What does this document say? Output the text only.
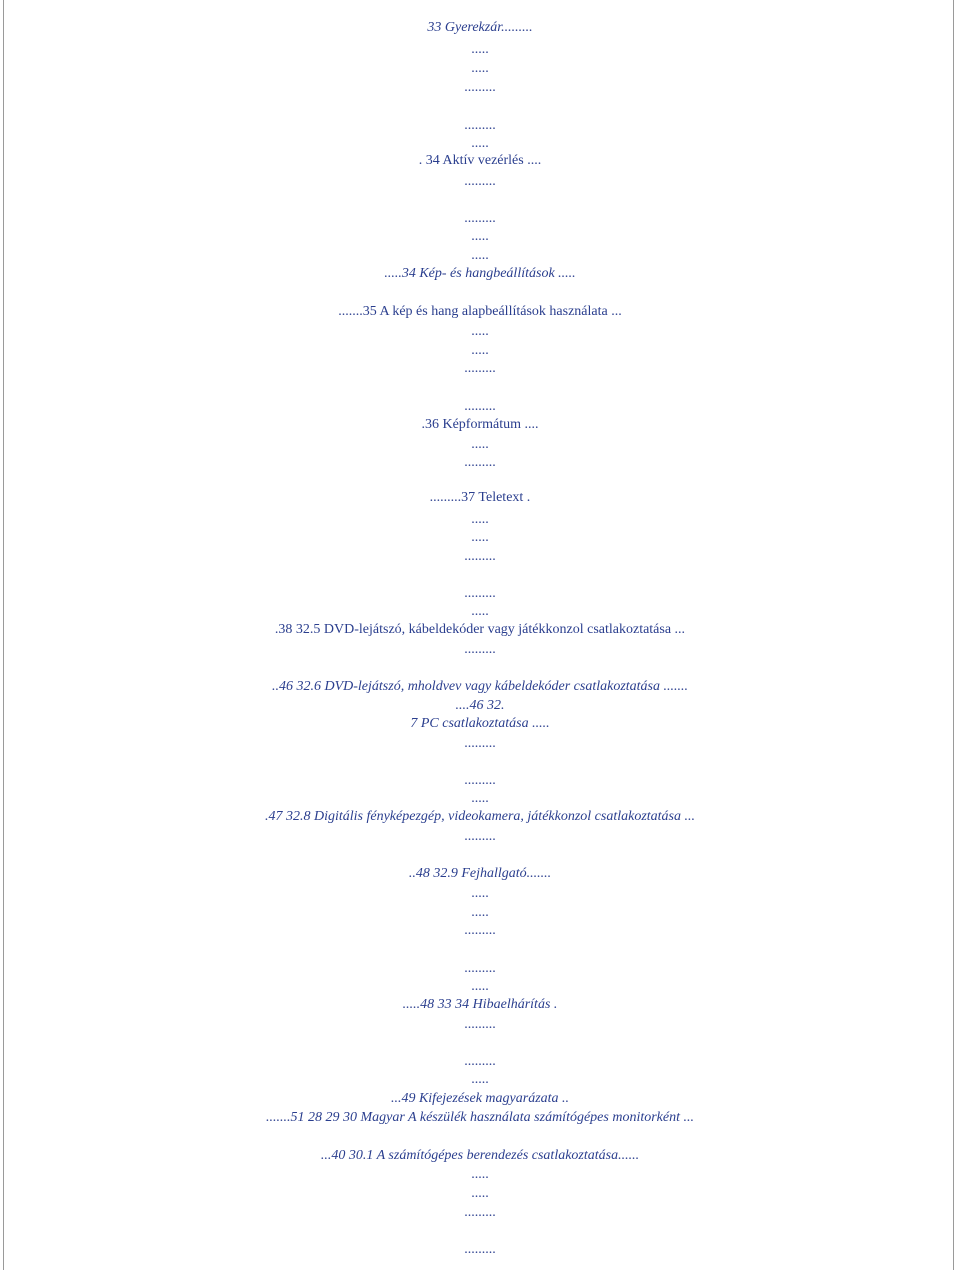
33 Gyerekzár.........
.....
.....
.........
.........
.....
. 34 Aktív vezérlés ....
.........
.........
.....
.....
.....34 Kép- és hangbeállítások .....
.......35 A kép és hang alapbeállítások használata ...
.....
.....
.........
.........
.36 Képformátum ....
.....
.........
.........37 Teletext .
.....
.....
.........
.........
.....
.38 32.5 DVD-lejátszó, kábeldekóder vagy játékkonzol csatlakoztatása ...
.........
..46 32.6 DVD-lejátszó, mholdvev vagy kábeldekóder csatlakoztatása .......
....46 32.
7 PC csatlakoztatása .....
.........
.........
.....
.47 32.8 Digitális fényképezgép, videokamera, játékkonzol csatlakoztatása ...
.........
..48 32.9 Fejhallgató.......
.....
.....
.........
.........
.....
.....48 33 34 Hibaelhárítás .
.........
.........
.....
...49 Kifejezések magyarázata ..
.......51 28 29 30 Magyar A készülék használata számítógépes monitorként ...
...40 30.1 A számítógépes berendezés csatlakoztatása......
.....
.....
.........
.........
